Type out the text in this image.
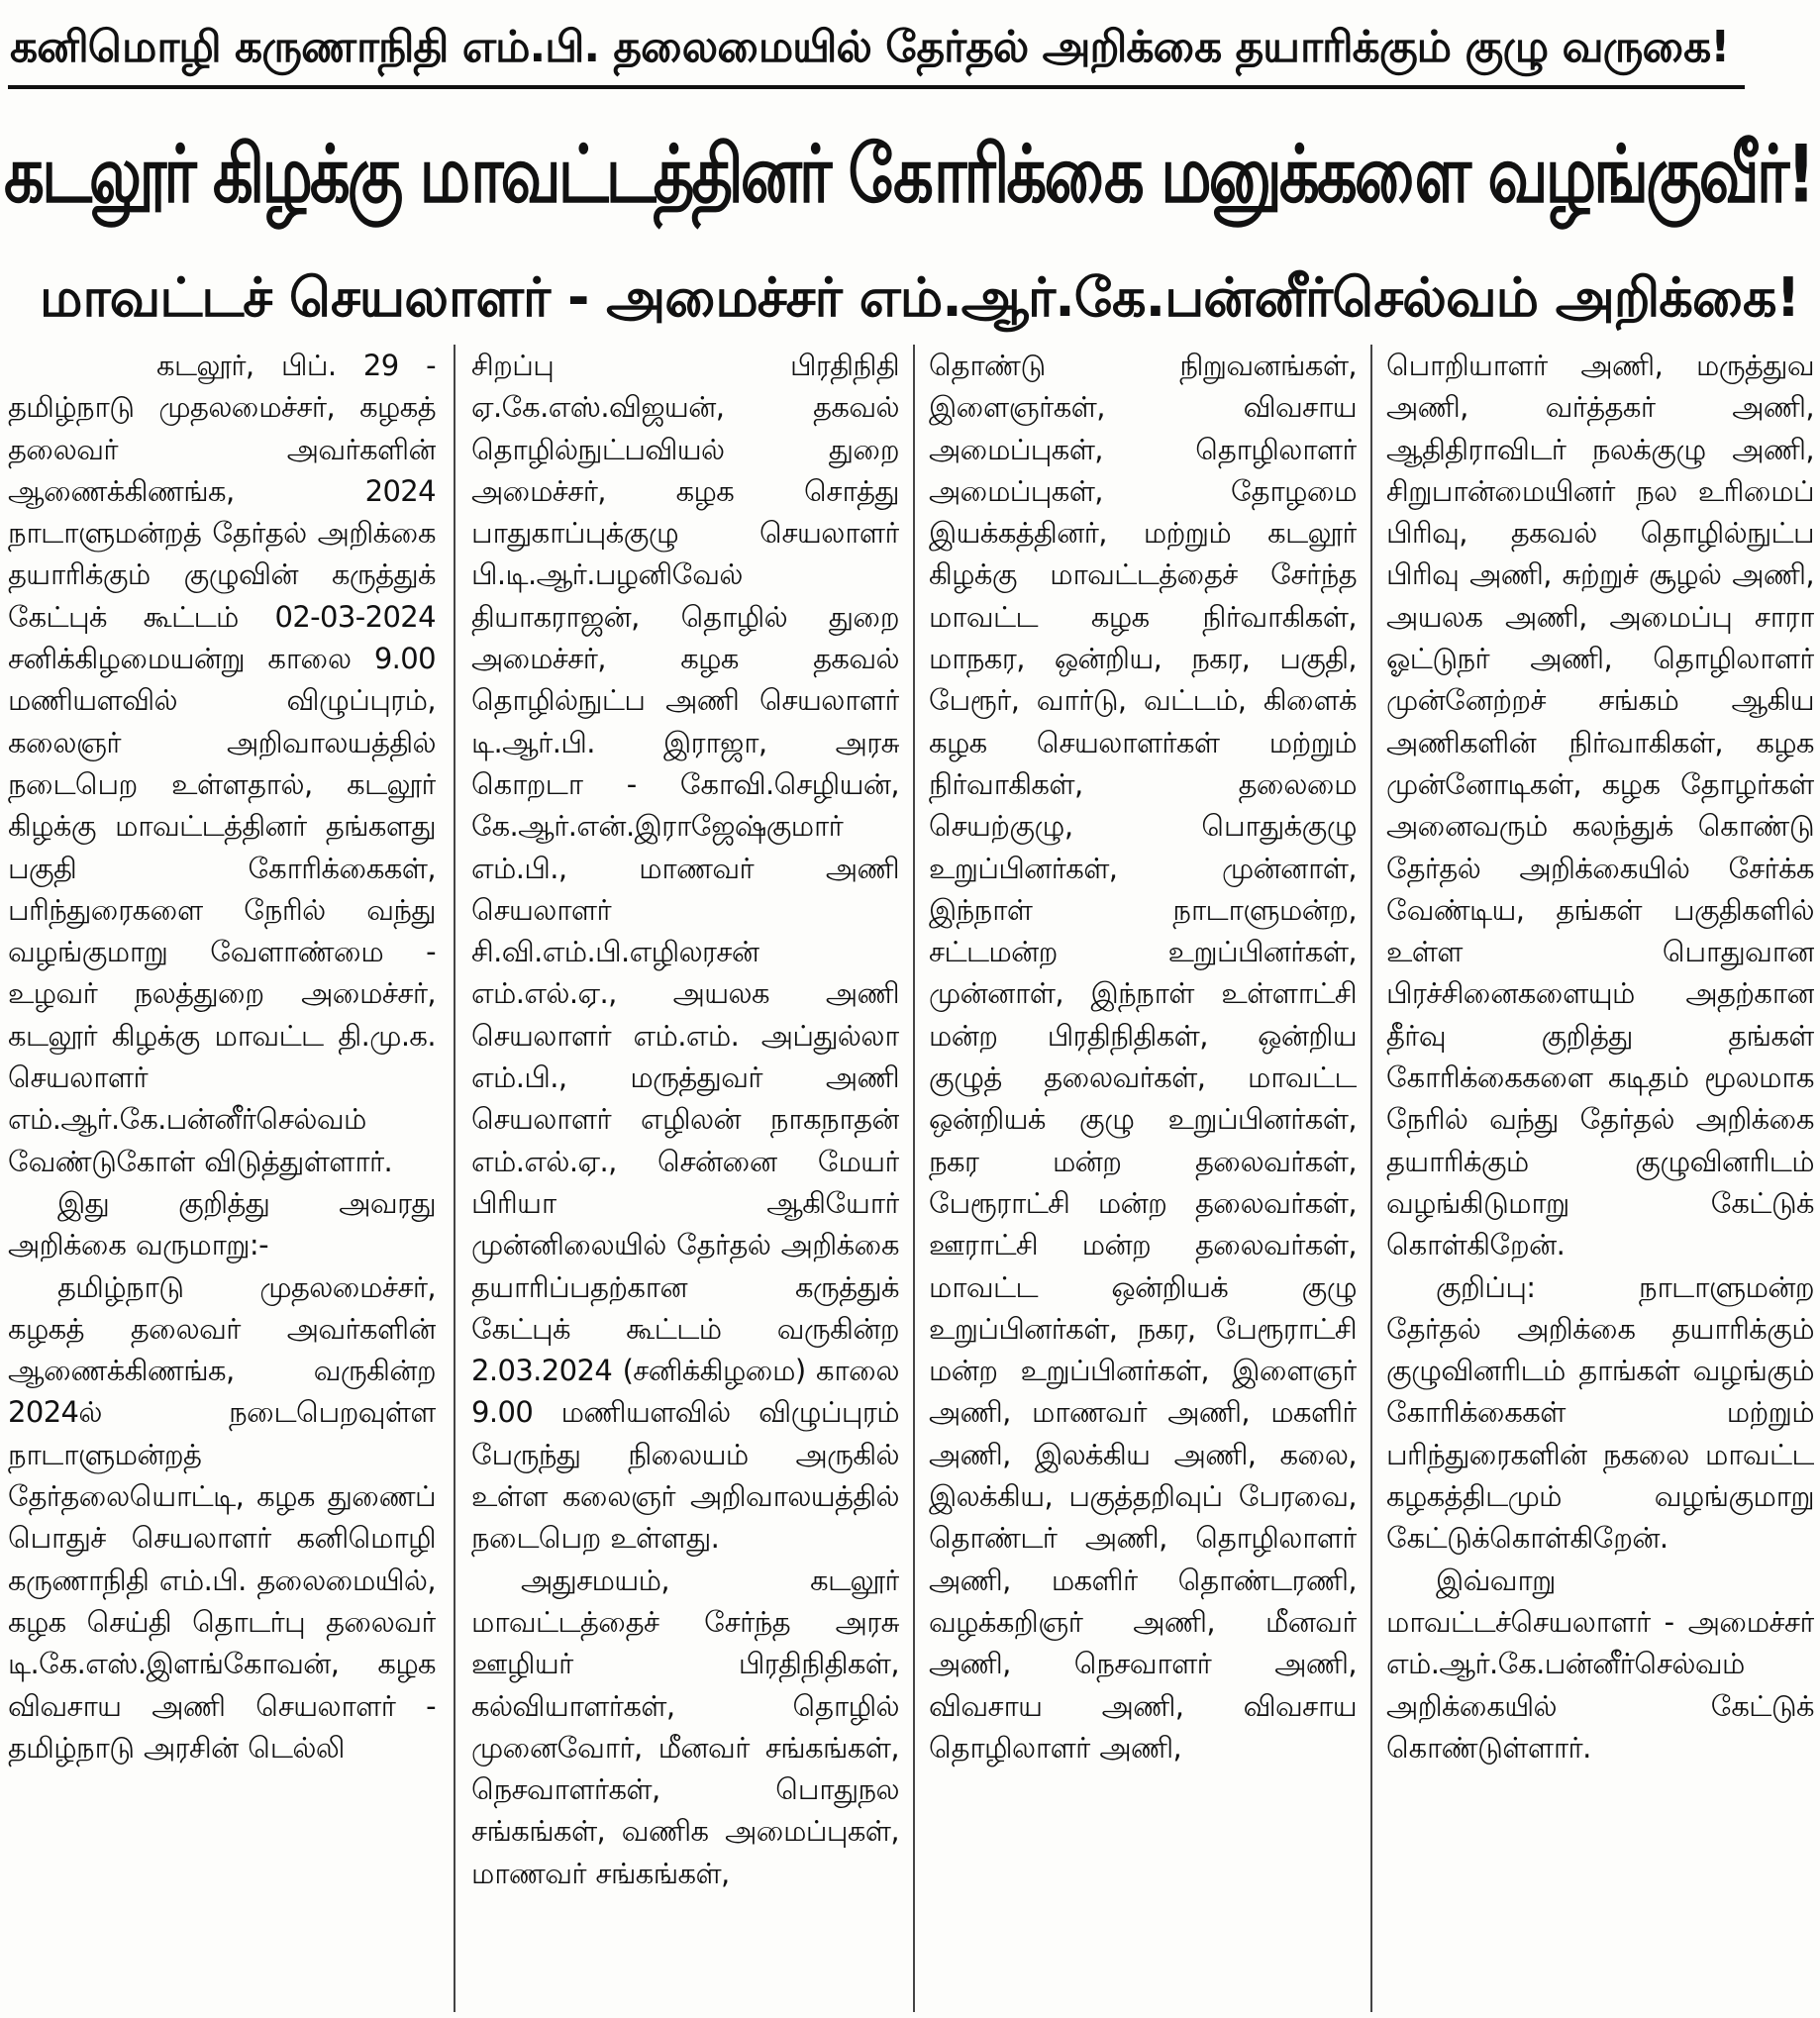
கனிமொழி கருணாநிதி எம்.பி. தலைமையில் தேர்தல் அறிக்கை தயாரிக்கும் குழு வருகை!
கடலூர் கிழக்கு மாவட்டத்தினர் கோரிக்கை மனுக்களை வழங்குவீர்!
மாவட்டச் செயலாளர் - அமைச்சர் எம்.ஆர்.கே.பன்னீர்செல்வம் அறிக்கை!

கடலூர், பிப். 29 - தமிழ்நாடு முதலமைச்சர், கழகத் தலைவர் அவர்களின் ஆணைக்கிணங்க, 2024 நாடாளுமன்றத் தேர்தல் அறிக்கை தயாரிக்கும் குழுவின் கருத்துக் கேட்புக் கூட்டம் 02-03-2024 சனிக்கிழமையன்று காலை 9.00 மணியளவில் விழுப்புரம், கலைஞர் அறிவாலயத்தில் நடைபெற உள்ளதால், கடலூர் கிழக்கு மாவட்டத்தினர் தங்களது பகுதி கோரிக்கைகள், பரிந்துரைகளை நேரில் வந்து வழங்குமாறு வேளாண்மை - உழவர் நலத்துறை அமைச்சர், கடலூர் கிழக்கு மாவட்ட தி.மு.க. செயலாளர் எம்.ஆர்.கே.பன்னீர்செல்வம் வேண்டுகோள் விடுத்துள்ளார்.

இது குறித்து அவரது அறிக்கை வருமாறு:-

தமிழ்நாடு முதலமைச்சர், கழகத் தலைவர் அவர்களின் ஆணைக்கிணங்க, வருகின்ற 2024ல் நடைபெறவுள்ள நாடாளுமன்றத் தேர்தலையொட்டி, கழக துணைப் பொதுச் செயலாளர் கனிமொழி கருணாநிதி எம்.பி. தலைமையில், கழக செய்தி தொடர்பு தலைவர் டி.கே.எஸ்.இளங்கோவன், கழக விவசாய அணி செயலாளர் - தமிழ்நாடு அரசின் டெல்லி

சிறப்பு பிரதிநிதி ஏ.கே.எஸ்.விஜயன், தகவல் தொழில்நுட்பவியல் துறை அமைச்சர், கழக சொத்து பாதுகாப்புக்குழு செயலாளர் பி.டி.ஆர்.பழனிவேல் தியாகராஜன், தொழில் துறை அமைச்சர், கழக தகவல் தொழில்நுட்ப அணி செயலாளர் டி.ஆர்.பி. இராஜா, அரசு கொறடா - கோவி.செழியன், கே.ஆர்.என்.இராஜேஷ்குமார் எம்.பி., மாணவர் அணி செயலாளர் சி.வி.எம்.பி.எழிலரசன் எம்.எல்.ஏ., அயலக அணி செயலாளர் எம்.எம். அப்துல்லா எம்.பி., மருத்துவர் அணி செயலாளர் எழிலன் நாகநாதன் எம்.எல்.ஏ., சென்னை மேயர் பிரியா ஆகியோர் முன்னிலையில் தேர்தல் அறிக்கை தயாரிப்பதற்கான கருத்துக் கேட்புக் கூட்டம் வருகின்ற 2.03.2024 (சனிக்கிழமை) காலை 9.00 மணியளவில் விழுப்புரம் பேருந்து நிலையம் அருகில் உள்ள கலைஞர் அறிவாலயத்தில் நடைபெற உள்ளது.

அதுசமயம், கடலூர் மாவட்டத்தைச் சேர்ந்த அரசு ஊழியர் பிரதிநிதிகள், கல்வியாளர்கள், தொழில் முனைவோர், மீனவர் சங்கங்கள், நெசவாளர்கள், பொதுநல சங்கங்கள், வணிக அமைப்புகள், மாணவர் சங்கங்கள்,

தொண்டு நிறுவனங்கள், இளைஞர்கள், விவசாய அமைப்புகள், தொழிலாளர் அமைப்புகள், தோழமை இயக்கத்தினர், மற்றும் கடலூர் கிழக்கு மாவட்டத்தைச் சேர்ந்த மாவட்ட கழக நிர்வாகிகள், மாநகர, ஒன்றிய, நகர, பகுதி, பேரூர், வார்டு, வட்டம், கிளைக் கழக செயலாளர்கள் மற்றும் நிர்வாகிகள், தலைமை செயற்குழு, பொதுக்குழு உறுப்பினர்கள், முன்னாள், இந்நாள் நாடாளுமன்ற, சட்டமன்ற உறுப்பினர்கள், முன்னாள், இந்நாள் உள்ளாட்சி மன்ற பிரதிநிதிகள், ஒன்றிய குழுத் தலைவர்கள், மாவட்ட ஒன்றியக் குழு உறுப்பினர்கள், நகர மன்ற தலைவர்கள், பேரூராட்சி மன்ற தலைவர்கள், ஊராட்சி மன்ற தலைவர்கள், மாவட்ட ஒன்றியக் குழு உறுப்பினர்கள், நகர, பேரூராட்சி மன்ற உறுப்பினர்கள், இளைஞர் அணி, மாணவர் அணி, மகளிர் அணி, இலக்கிய அணி, கலை, இலக்கிய, பகுத்தறிவுப் பேரவை, தொண்டர் அணி, தொழிலாளர் அணி, மகளிர் தொண்டரணி, வழக்கறிஞர் அணி, மீனவர் அணி, நெசவாளர் அணி, விவசாய அணி, விவசாய தொழிலாளர் அணி,

பொறியாளர் அணி, மருத்துவ அணி, வர்த்தகர் அணி, ஆதிதிராவிடர் நலக்குழு அணி, சிறுபான்மையினர் நல உரிமைப் பிரிவு, தகவல் தொழில்நுட்ப பிரிவு அணி, சுற்றுச் சூழல் அணி, அயலக அணி, அமைப்பு சாரா ஓட்டுநர் அணி, தொழிலாளர் முன்னேற்றச் சங்கம் ஆகிய அணிகளின் நிர்வாகிகள், கழக முன்னோடிகள், கழக தோழர்கள் அனைவரும் கலந்துக் கொண்டு தேர்தல் அறிக்கையில் சேர்க்க வேண்டிய, தங்கள் பகுதிகளில் உள்ள பொதுவான பிரச்சினைகளையும் அதற்கான தீர்வு குறித்து தங்கள் கோரிக்கைகளை கடிதம் மூலமாக நேரில் வந்து தேர்தல் அறிக்கை தயாரிக்கும் குழுவினரிடம் வழங்கிடுமாறு கேட்டுக் கொள்கிறேன்.

குறிப்பு: நாடாளுமன்ற தேர்தல் அறிக்கை தயாரிக்கும் குழுவினரிடம் தாங்கள் வழங்கும் கோரிக்கைகள் மற்றும் பரிந்துரைகளின் நகலை மாவட்ட கழகத்திடமும் வழங்குமாறு கேட்டுக்கொள்கிறேன்.

இவ்வாறு மாவட்டச்செயலாளர் - அமைச்சர் எம்.ஆர்.கே.பன்னீர்செல்வம் அறிக்கையில் கேட்டுக் கொண்டுள்ளார்.
